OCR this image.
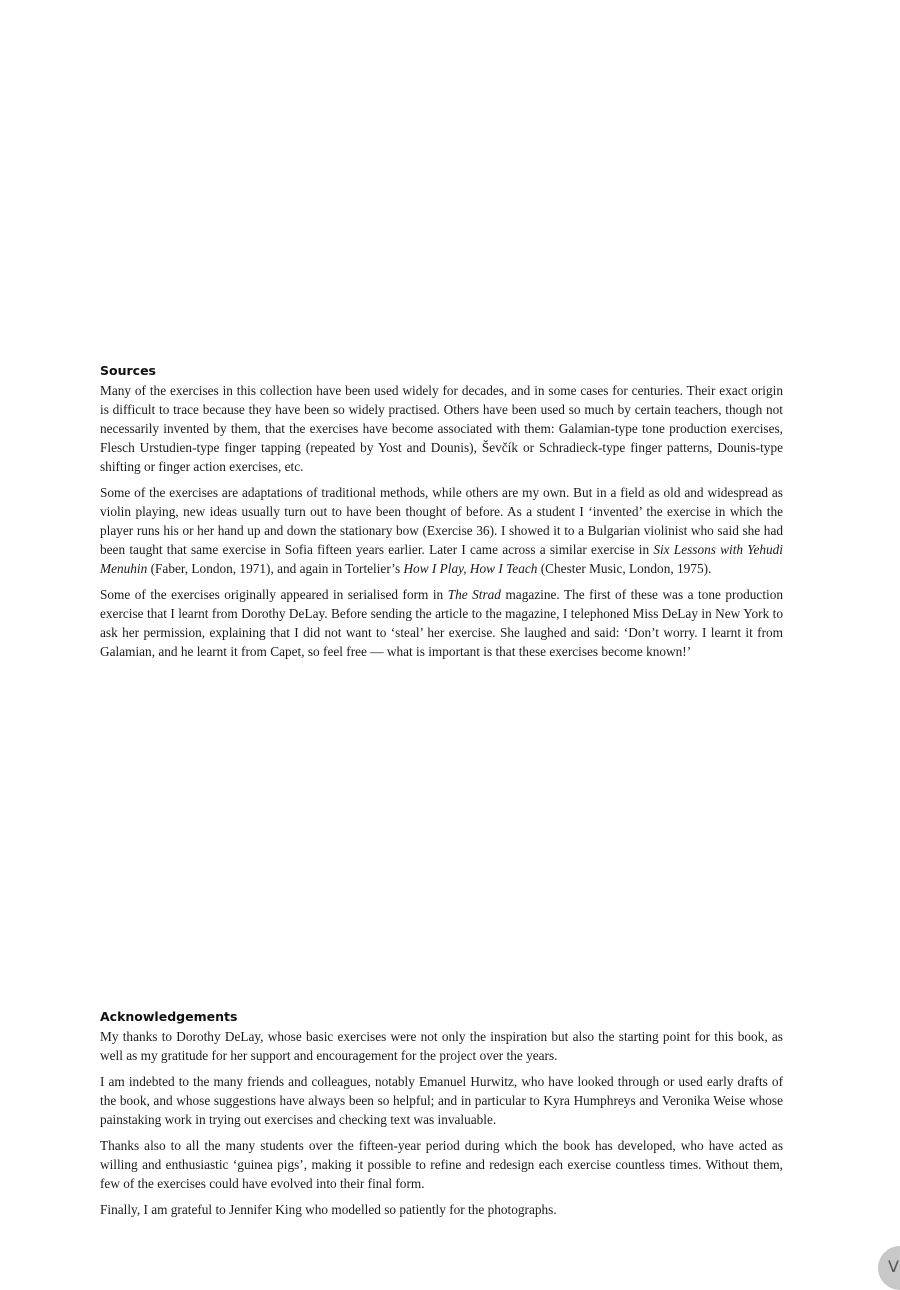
Sources

Many of the exercises in this collection have been used widely for decades, and in some cases for centuries. Their exact origin is difficult to trace because they have been so widely practised. Others have been used so much by certain teachers, though not necessarily invented by them, that the exercises have become associated with them: Galamian-type tone production exercises, Flesch Urstudien-type finger tapping (repeated by Yost and Dounis), Ševčík or Schradieck-type finger patterns, Dounis-type shifting or finger action exercises, etc.

Some of the exercises are adaptations of traditional methods, while others are my own. But in a field as old and widespread as violin playing, new ideas usually turn out to have been thought of before. As a student I ‘invented’ the exercise in which the player runs his or her hand up and down the stationary bow (Exercise 36). I showed it to a Bulgarian violinist who said she had been taught that same exercise in Sofia fifteen years earlier. Later I came across a similar exercise in Six Lessons with Yehudi Menuhin (Faber, London, 1971), and again in Tortelier’s How I Play, How I Teach (Chester Music, London, 1975).

Some of the exercises originally appeared in serialised form in The Strad magazine. The first of these was a tone production exercise that I learnt from Dorothy DeLay. Before sending the article to the magazine, I telephoned Miss DeLay in New York to ask her permission, explaining that I did not want to ‘steal’ her exercise. She laughed and said: ‘Don’t worry. I learnt it from Galamian, and he learnt it from Capet, so feel free — what is important is that these exercises become known!’

Acknowledgements

My thanks to Dorothy DeLay, whose basic exercises were not only the inspiration but also the starting point for this book, as well as my gratitude for her support and encouragement for the project over the years.

I am indebted to the many friends and colleagues, notably Emanuel Hurwitz, who have looked through or used early drafts of the book, and whose suggestions have always been so helpful; and in particular to Kyra Humphreys and Veronika Weise whose painstaking work in trying out exercises and checking text was invaluable.

Thanks also to all the many students over the fifteen-year period during which the book has developed, who have acted as willing and enthusiastic ‘guinea pigs’, making it possible to refine and redesign each exercise countless times. Without them, few of the exercises could have evolved into their final form.

Finally, I am grateful to Jennifer King who modelled so patiently for the photographs.

V
